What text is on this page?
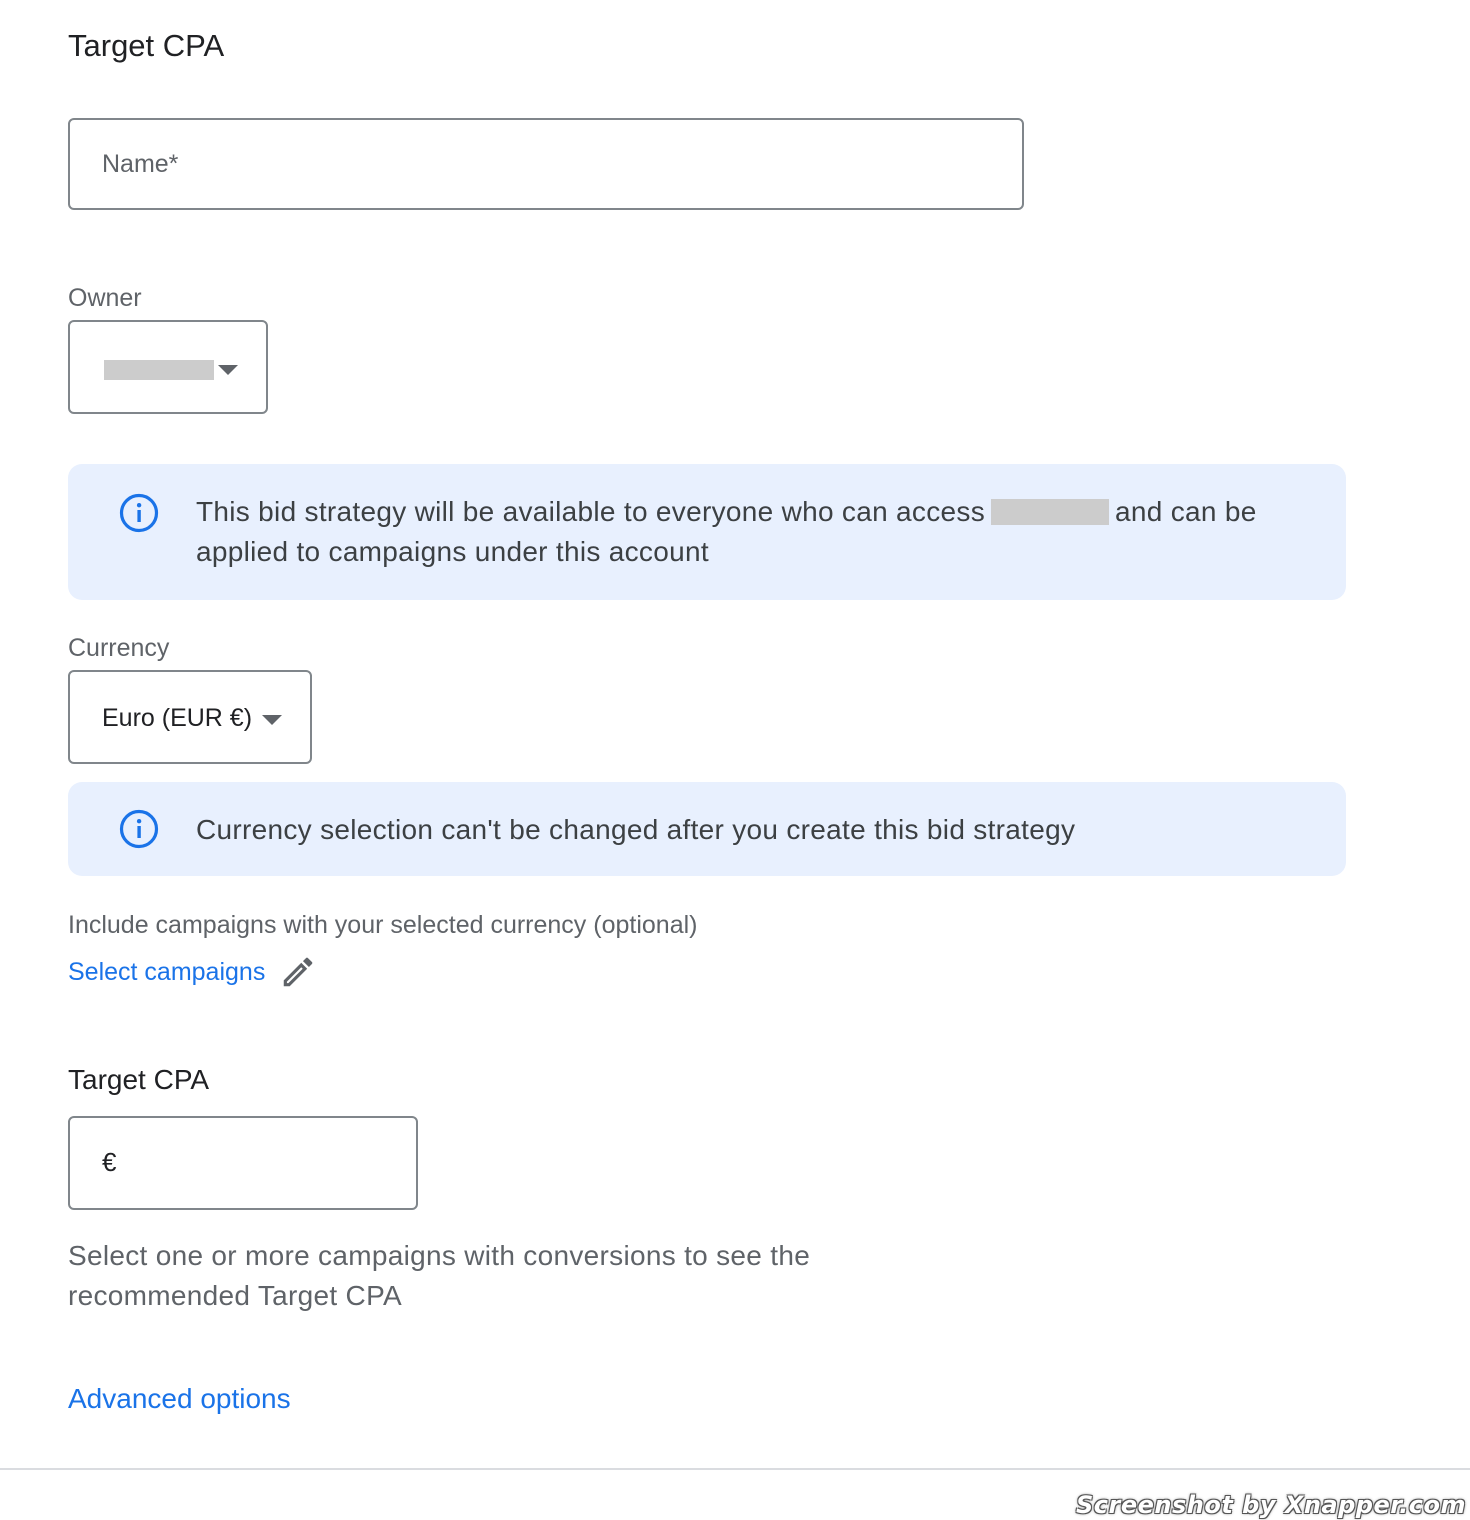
Target CPA
Name*
Owner
This bid strategy will be available to everyone who can access	and can be
applied to campaigns under this account
Currency
Euro (EUR €)
Currency selection can't be changed after you create this bid strategy
Include campaigns with your selected currency (optional)
Select campaigns
Target CPA
€
Select one or more campaigns with conversions to see the
recommended Target CPA
Advanced options
Screenshot by Xnapper.com
